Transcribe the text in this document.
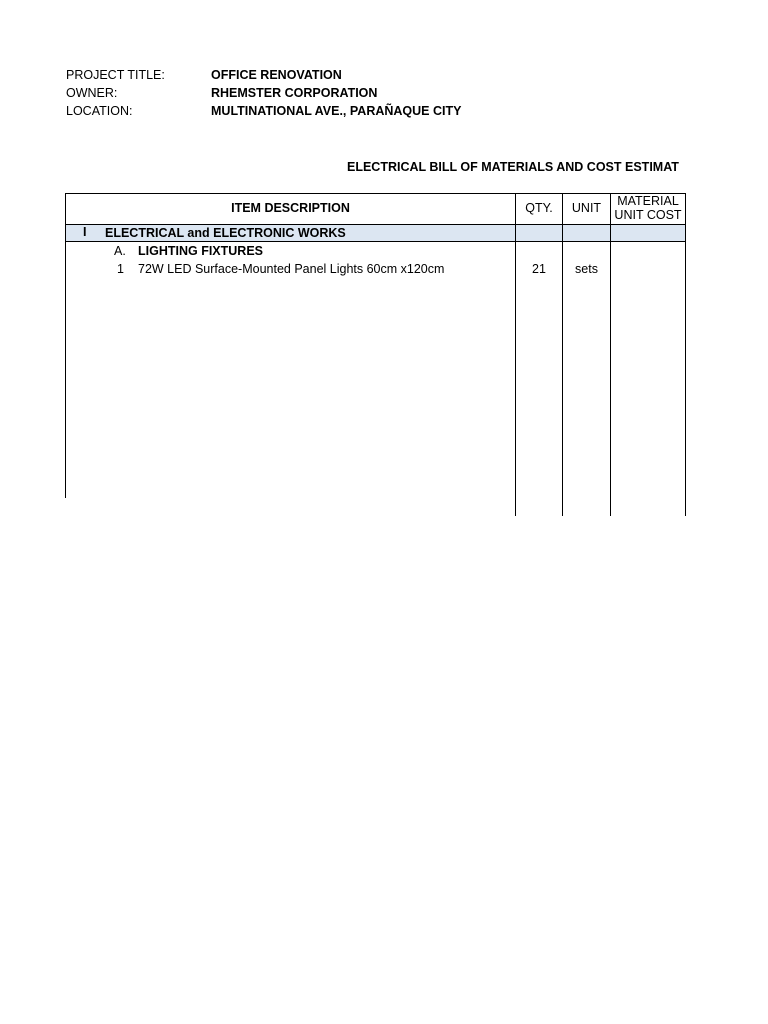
PROJECT TITLE:	OFFICE RENOVATION
OWNER:	RHEMSTER CORPORATION
LOCATION:	MULTINATIONAL AVE., PARAÑAQUE CITY
ELECTRICAL BILL OF MATERIALS AND COST ESTIMAT
ITEM DESCRIPTION	QTY.	UNIT	MATERIAL
UNIT COST
I ELECTRICAL and ELECTRONIC WORKS
A. LIGHTING FIXTURES
1 72W LED Surface-Mounted Panel Lights 60cm x120cm	21	sets
